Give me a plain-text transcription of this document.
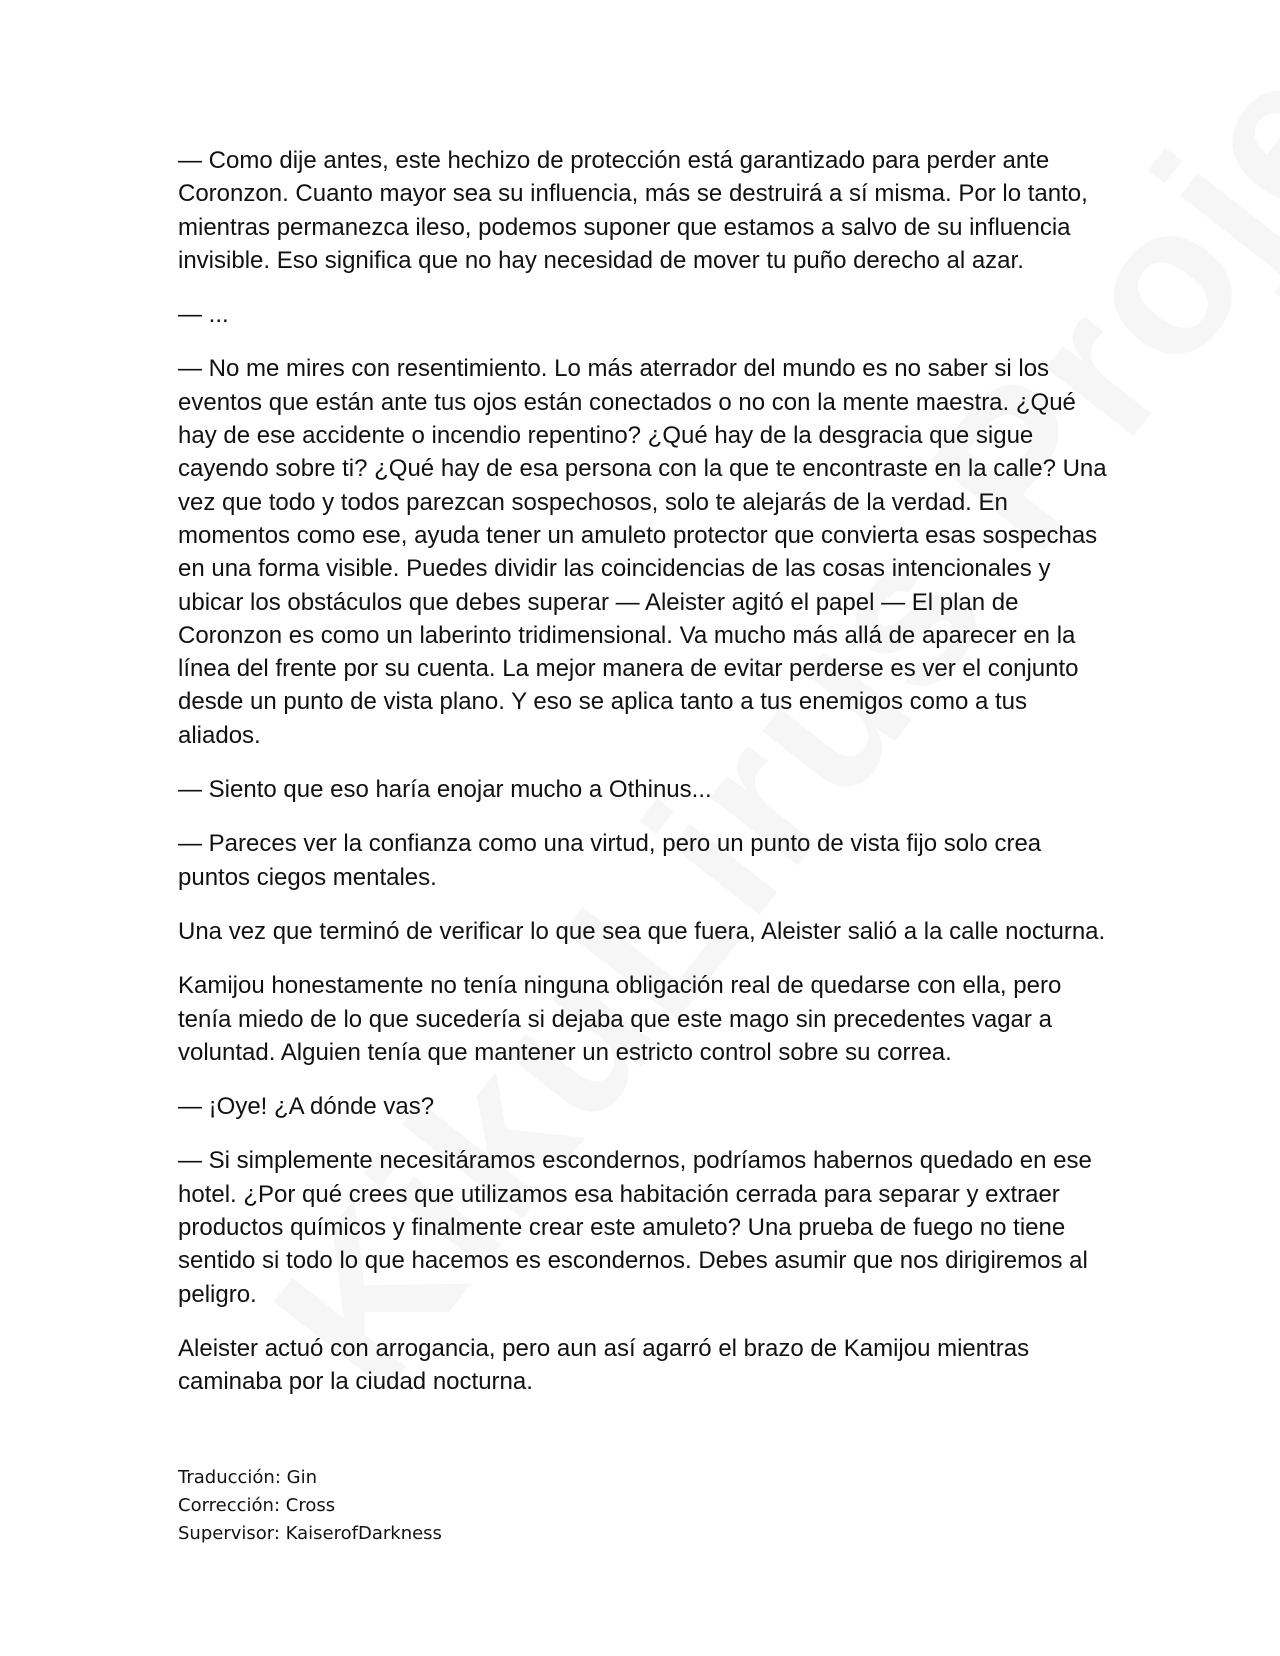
— Como dije antes, este hechizo de protección está garantizado para perder ante Coronzon. Cuanto mayor sea su influencia, más se destruirá a sí misma. Por lo tanto, mientras permanezca ileso, podemos suponer que estamos a salvo de su influencia invisible. Eso significa que no hay necesidad de mover tu puño derecho al azar.

— ...

— No me mires con resentimiento. Lo más aterrador del mundo es no saber si los eventos que están ante tus ojos están conectados o no con la mente maestra. ¿Qué hay de ese accidente o incendio repentino? ¿Qué hay de la desgracia que sigue cayendo sobre ti? ¿Qué hay de esa persona con la que te encontraste en la calle? Una vez que todo y todos parezcan sospechosos, solo te alejarás de la verdad. En momentos como ese, ayuda tener un amuleto protector que convierta esas sospechas en una forma visible. Puedes dividir las coincidencias de las cosas intencionales y ubicar los obstáculos que debes superar — Aleister agitó el papel — El plan de Coronzon es como un laberinto tridimensional. Va mucho más allá de aparecer en la línea del frente por su cuenta. La mejor manera de evitar perderse es ver el conjunto desde un punto de vista plano. Y eso se aplica tanto a tus enemigos como a tus aliados.

— Siento que eso haría enojar mucho a Othinus...

— Pareces ver la confianza como una virtud, pero un punto de vista fijo solo crea puntos ciegos mentales.

Una vez que terminó de verificar lo que sea que fuera, Aleister salió a la calle nocturna.

Kamijou honestamente no tenía ninguna obligación real de quedarse con ella, pero tenía miedo de lo que sucedería si dejaba que este mago sin precedentes vagar a voluntad. Alguien tenía que mantener un estricto control sobre su correa.

— ¡Oye! ¿A dónde vas?

— Si simplemente necesitáramos escondernos, podríamos habernos quedado en ese hotel. ¿Por qué crees que utilizamos esa habitación cerrada para separar y extraer productos químicos y finalmente crear este amuleto? Una prueba de fuego no tiene sentido si todo lo que hacemos es escondernos. Debes asumir que nos dirigiremos al peligro.

Aleister actuó con arrogancia, pero aun así agarró el brazo de Kamijou mientras caminaba por la ciudad nocturna.

Traducción: Gin
Corrección: Cross
Supervisor: KaiserofDarkness
